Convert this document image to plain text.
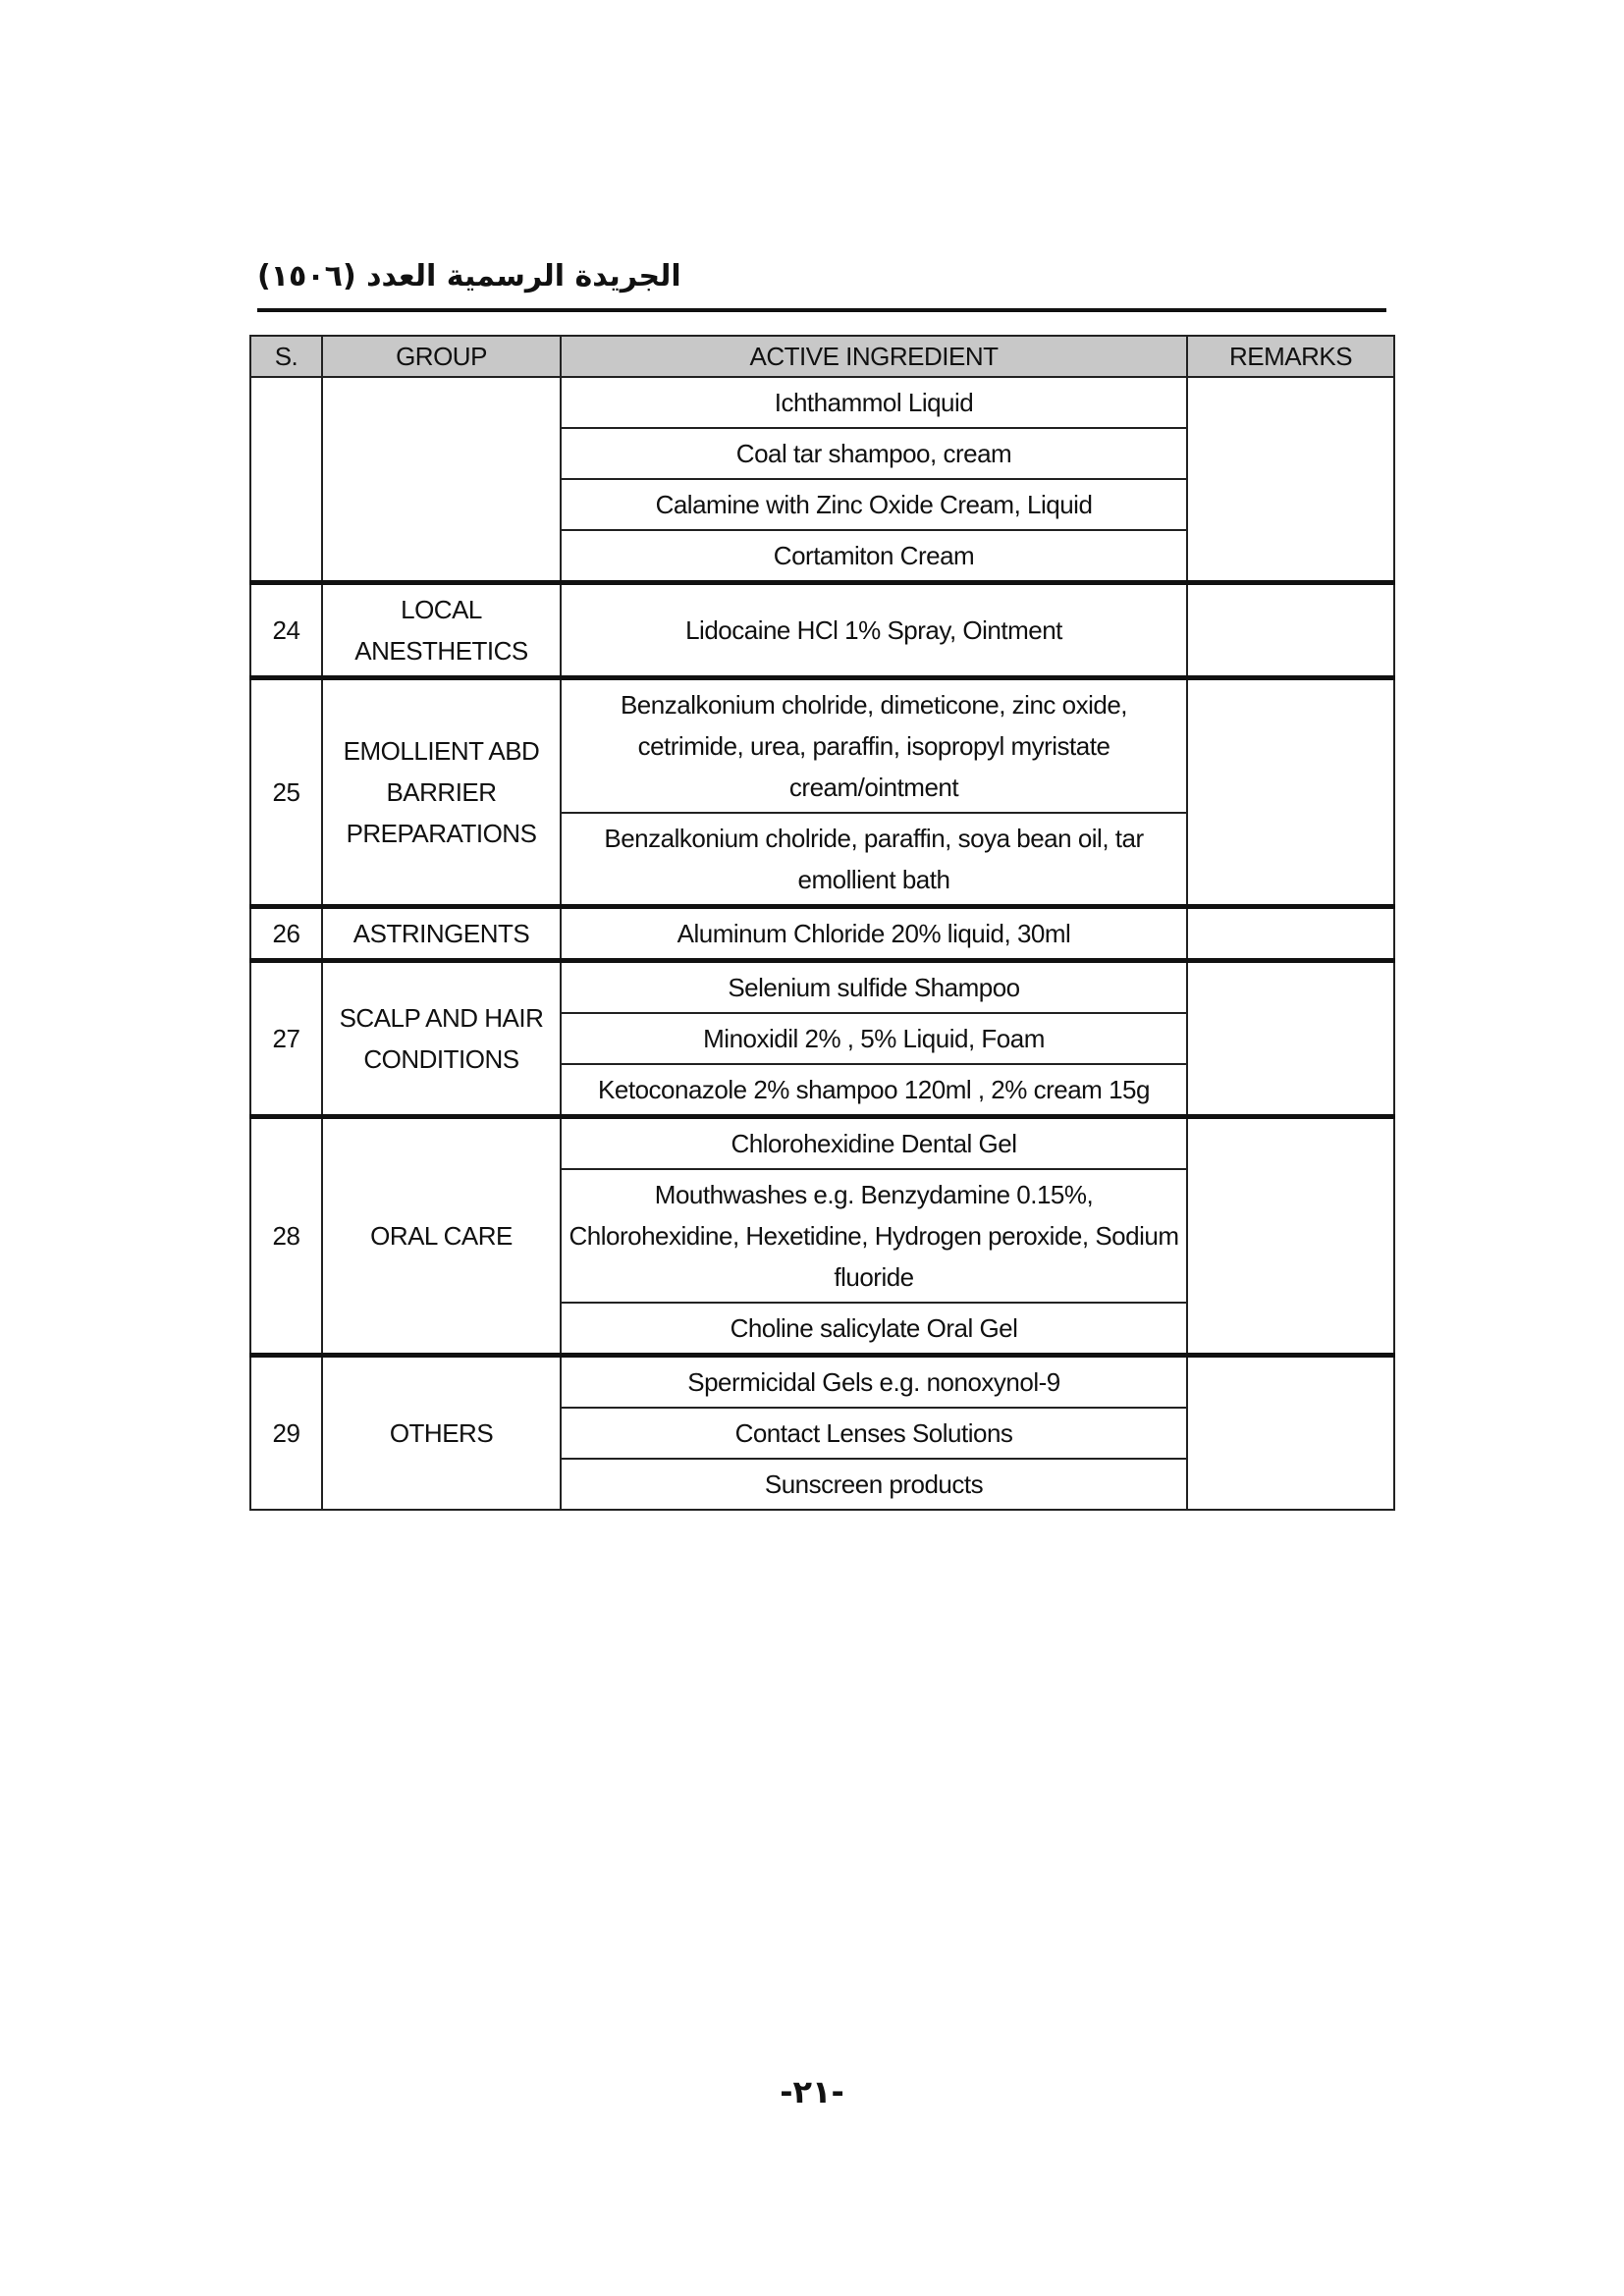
الجريدة الرسمية العدد (١٥٠٦)
S.	GROUP	ACTIVE INGREDIENT	REMARKS
		Ichthammol Liquid	
		Coal tar shampoo, cream	
		Calamine with Zinc Oxide Cream, Liquid	
		Cortamiton Cream	
24	LOCAL ANESTHETICS	Lidocaine HCl 1% Spray, Ointment	
25	EMOLLIENT ABD BARRIER PREPARATIONS	Benzalkonium cholride, dimeticone, zinc oxide, cetrimide, urea, paraffin, isopropyl myristate cream/ointment	
		Benzalkonium cholride, paraffin, soya bean oil, tar emollient bath	
26	ASTRINGENTS	Aluminum Chloride 20% liquid, 30ml	
27	SCALP AND HAIR CONDITIONS	Selenium sulfide Shampoo	
		Minoxidil 2% , 5% Liquid, Foam	
		Ketoconazole 2% shampoo 120ml , 2% cream 15g	
28	ORAL CARE	Chlorohexidine Dental Gel	
		Mouthwashes e.g. Benzydamine 0.15%, Chlorohexidine, Hexetidine, Hydrogen peroxide, Sodium fluoride	
		Choline salicylate Oral Gel	
29	OTHERS	Spermicidal Gels e.g. nonoxynol-9	
		Contact Lenses Solutions	
		Sunscreen products	
-٢١-
